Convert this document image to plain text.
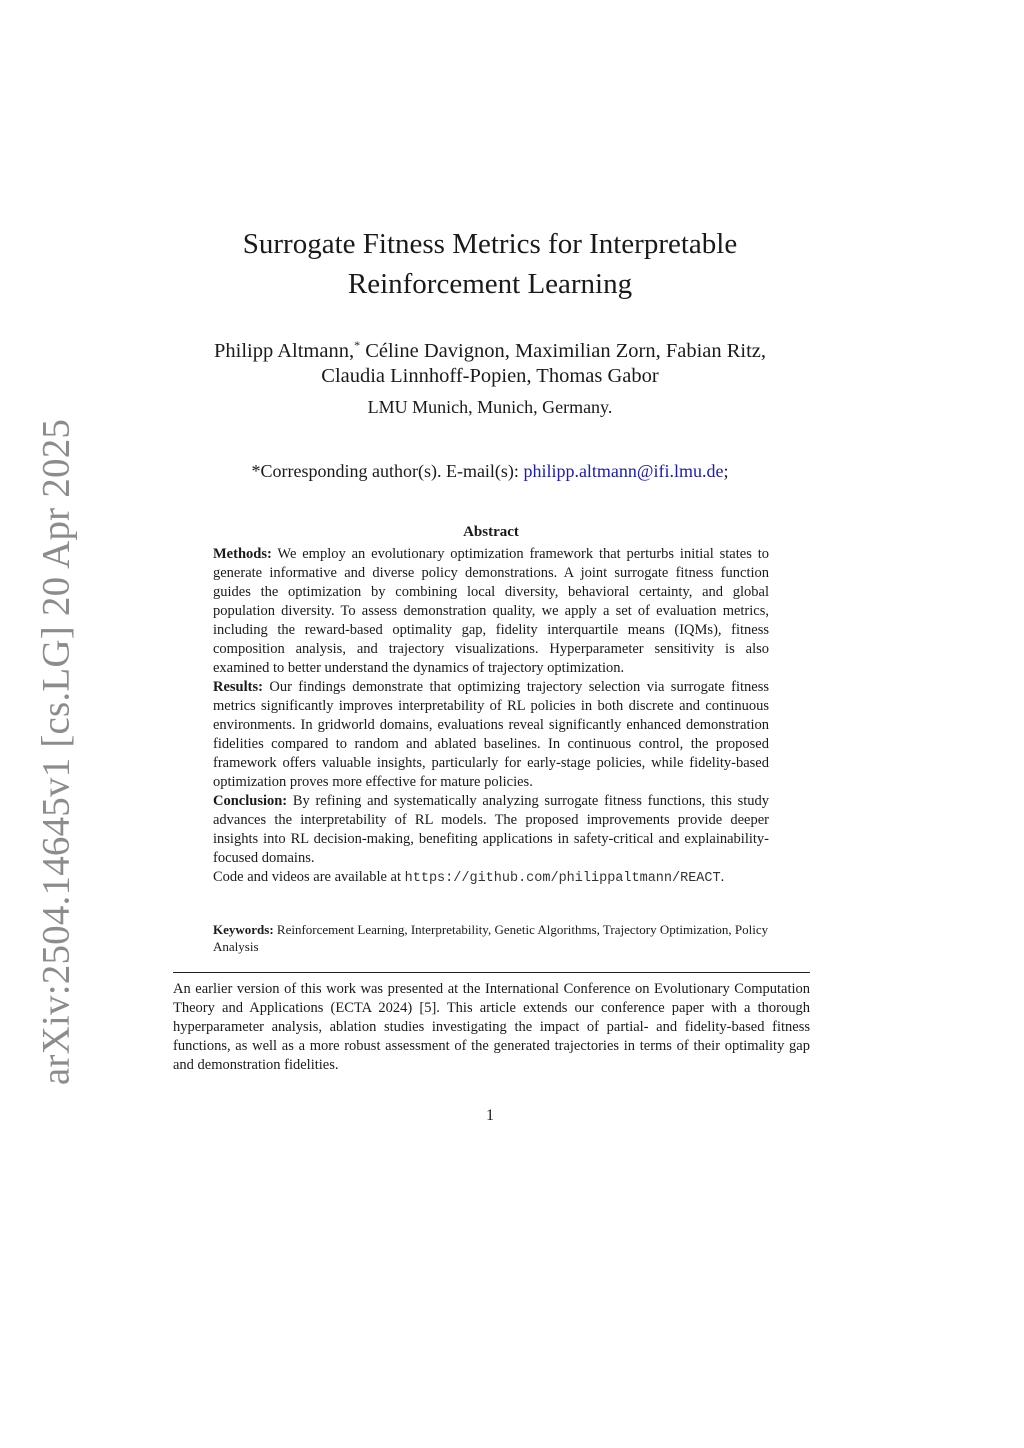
arXiv:2504.14645v1 [cs.LG] 20 Apr 2025
Surrogate Fitness Metrics for Interpretable
Reinforcement Learning
Philipp Altmann,* Céline Davignon, Maximilian Zorn, Fabian Ritz,
Claudia Linnhoff-Popien, Thomas Gabor
LMU Munich, Munich, Germany.
*Corresponding author(s). E-mail(s): philipp.altmann@ifi.lmu.de;
Abstract

Methods: We employ an evolutionary optimization framework that perturbs initial states to generate informative and diverse policy demonstrations. A joint surrogate fitness function guides the optimization by combining local diversity, behavioral certainty, and global population diversity. To assess demonstration quality, we apply a set of evaluation metrics, including the reward-based optimality gap, fidelity interquartile means (IQMs), fitness composition analysis, and trajectory visualizations. Hyperparameter sensitivity is also examined to better understand the dynamics of trajectory optimization.

Results: Our findings demonstrate that optimizing trajectory selection via surrogate fitness metrics significantly improves interpretability of RL policies in both discrete and continuous environments. In gridworld domains, evaluations reveal significantly enhanced demonstration fidelities compared to random and ablated baselines. In continuous control, the proposed framework offers valuable insights, particularly for early-stage policies, while fidelity-based optimization proves more effective for mature policies.

Conclusion: By refining and systematically analyzing surrogate fitness functions, this study advances the interpretability of RL models. The proposed improvements provide deeper insights into RL decision-making, benefiting applications in safety-critical and explainability-focused domains.

Code and videos are available at https://github.com/philippaltmann/REACT.

Keywords: Reinforcement Learning, Interpretability, Genetic Algorithms, Trajectory Optimization, Policy Analysis
An earlier version of this work was presented at the International Conference on Evolutionary Computation Theory and Applications (ECTA 2024) [5]. This article extends our conference paper with a thorough hyperparameter analysis, ablation studies investigating the impact of partial- and fidelity-based fitness functions, as well as a more robust assessment of the generated trajectories in terms of their optimality gap and demonstration fidelities.
1
